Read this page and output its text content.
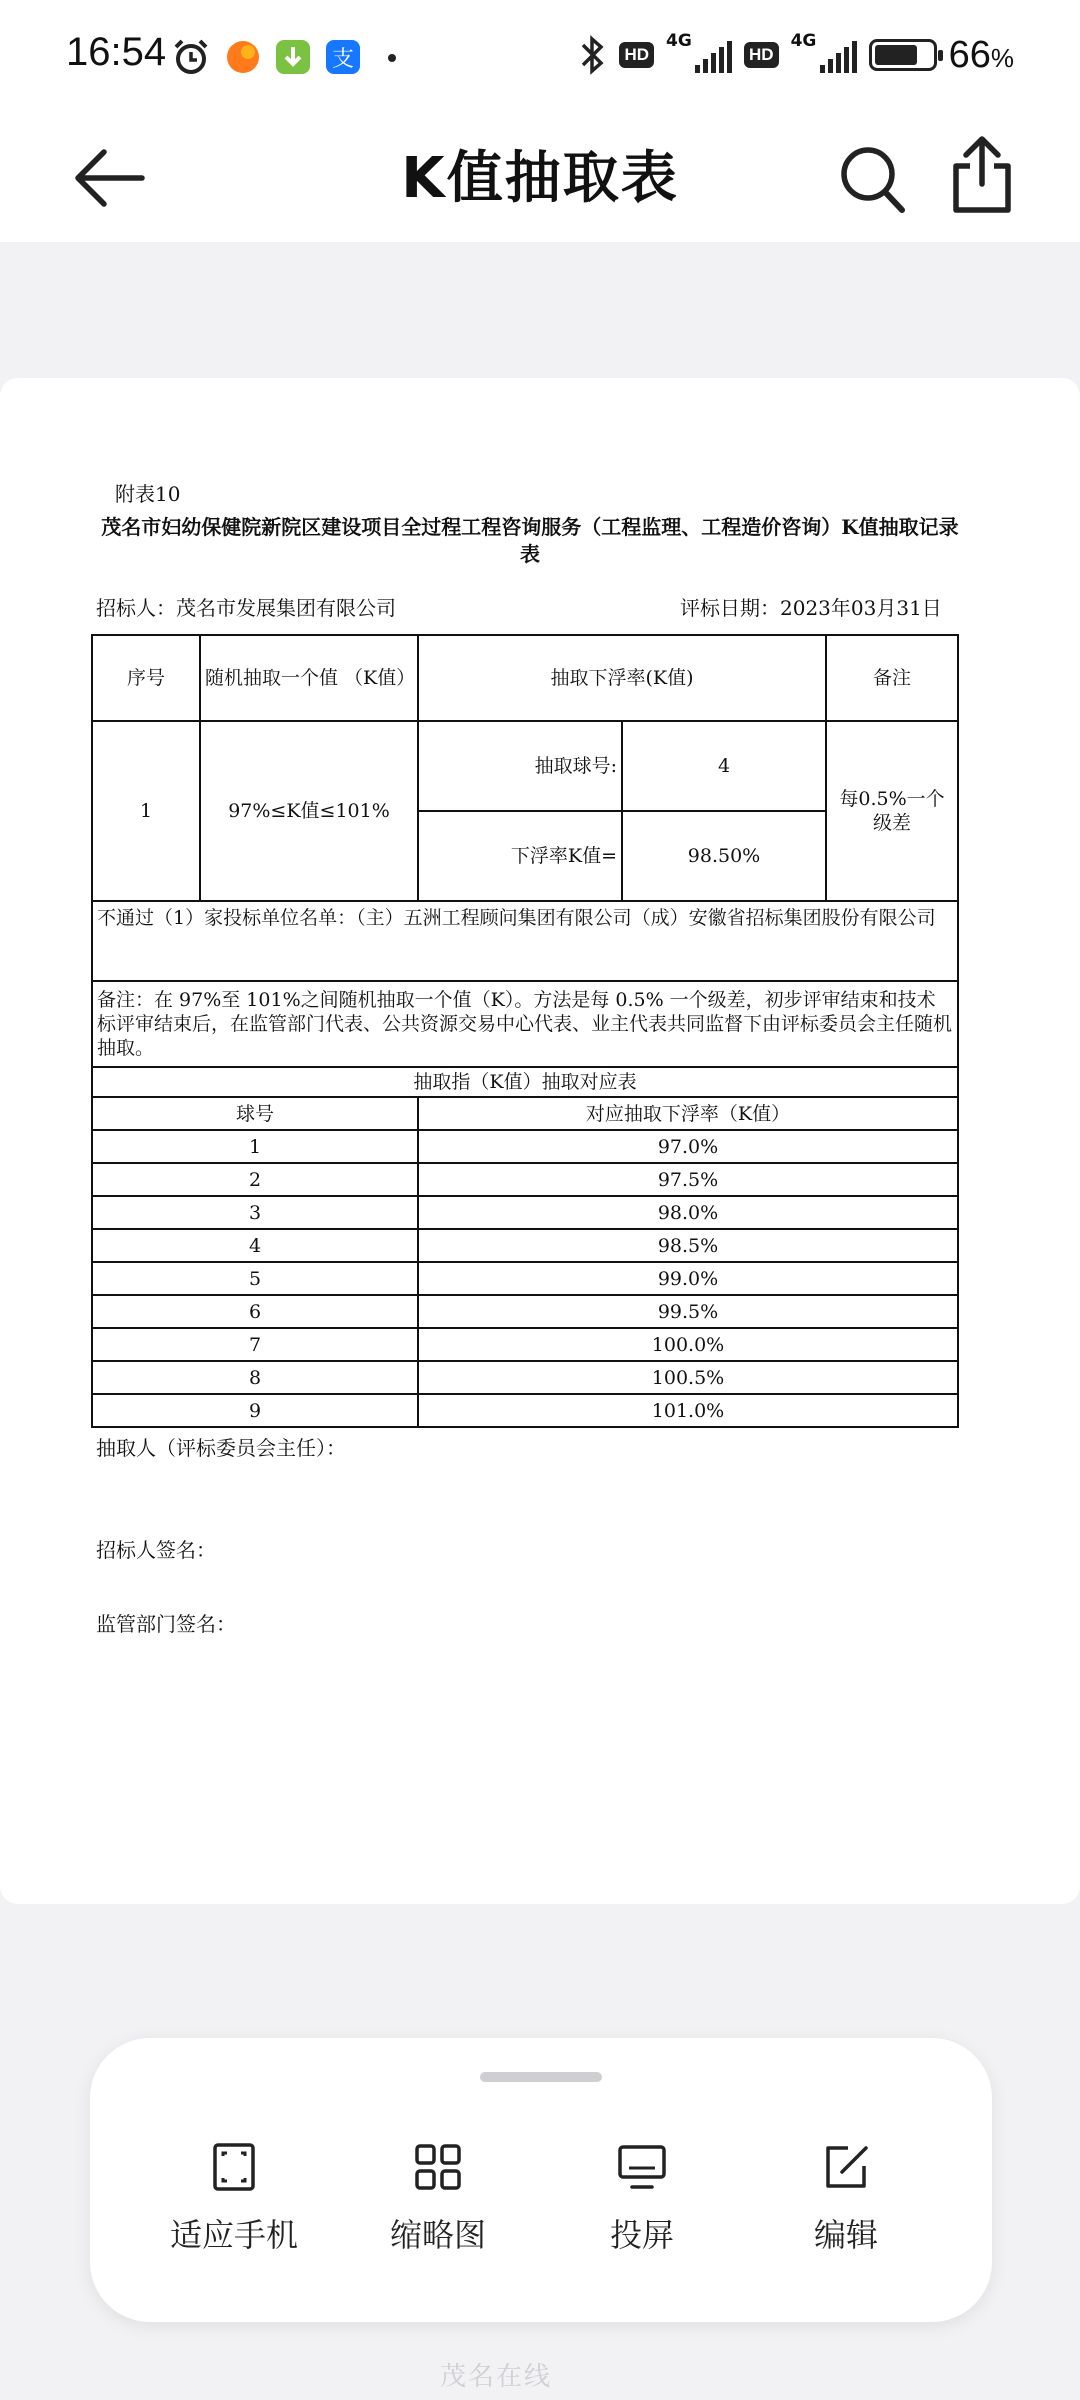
16:54	支	HD
4G
HD
4G	66%
K值抽取表
附表10
茂名市妇幼保健院新院区建设项目全过程工程咨询服务（工程监理、工程造价咨询）K值抽取记录表
招标人：茂名市发展集团有限公司	评标日期：2023年03月31日
序号	随机抽取一个值 （K值）	抽取下浮率(K值)		备注
1	97%≤K值≤101%	抽取球号:	4	每0.5%一个级差
		下浮率K值=	98.50%	
不通过（1）家投标单位名单：（主）五洲工程顾问集团有限公司（成）安徽省招标集团股份有限公司				
备注：在 97%至 101%之间随机抽取一个值（K）。方法是每 0.5% 一个级差，初步评审结束和技术标评审结束后，在监管部门代表、公共资源交易中心代表、业主代表共同监督下由评标委员会主任随机抽取。				
抽取指（K值）抽取对应表				
球号		对应抽取下浮率（K值）		
1		97.0%		
2		97.5%		
3		98.0%		
4		98.5%		
5		99.0%		
6		99.5%		
7		100.0%		
8		100.5%		
9		101.0%		
抽取人（评标委员会主任）：
招标人签名：
监管部门签名：
适应手机	缩略图	投屏	编辑
茂名在线
